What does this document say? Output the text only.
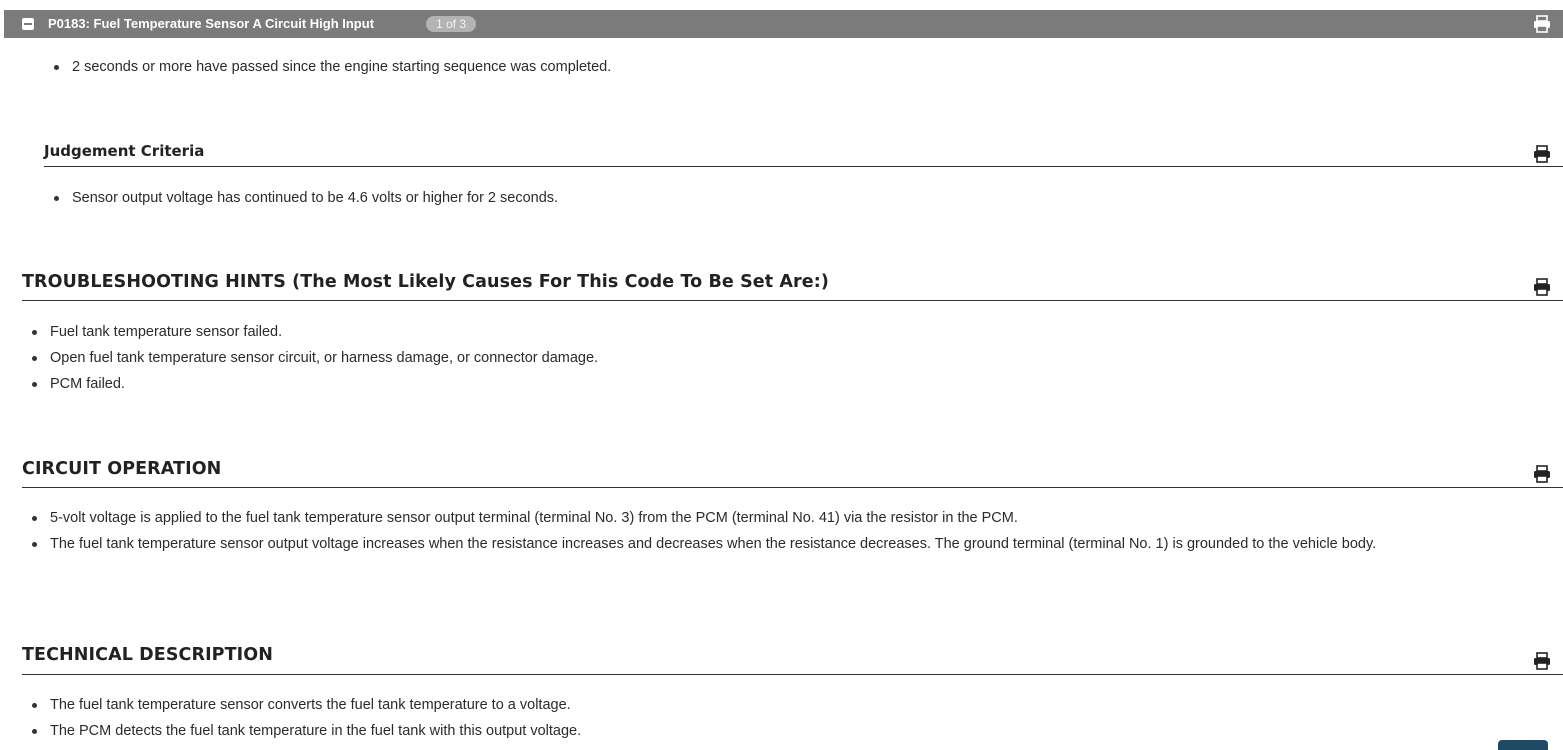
P0183: Fuel Temperature Sensor A Circuit High Input	1 of 3
2 seconds or more have passed since the engine starting sequence was completed.
Judgement Criteria
Sensor output voltage has continued to be 4.6 volts or higher for 2 seconds.
TROUBLESHOOTING HINTS (The Most Likely Causes For This Code To Be Set Are:)
Fuel tank temperature sensor failed.
Open fuel tank temperature sensor circuit, or harness damage, or connector damage.
PCM failed.
CIRCUIT OPERATION
5-volt voltage is applied to the fuel tank temperature sensor output terminal (terminal No. 3) from the PCM (terminal No. 41) via the resistor in the PCM.
The fuel tank temperature sensor output voltage increases when the resistance increases and decreases when the resistance decreases. The ground terminal (terminal No. 1) is grounded to the vehicle body.
TECHNICAL DESCRIPTION
The fuel tank temperature sensor converts the fuel tank temperature to a voltage.
The PCM detects the fuel tank temperature in the fuel tank with this output voltage.
